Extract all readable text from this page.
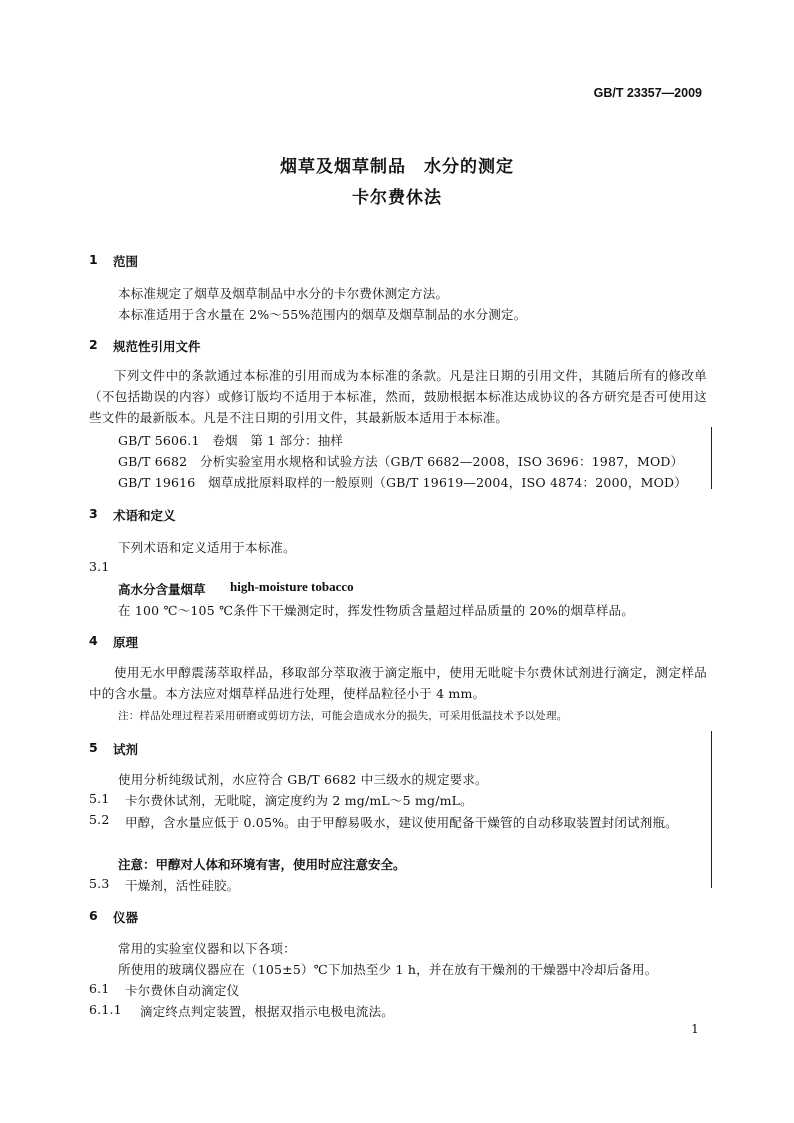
GB/T 23357—2009
烟草及烟草制品　水分的测定
卡尔费休法
1 范围
本标准规定了烟草及烟草制品中水分的卡尔费休测定方法。
本标准适用于含水量在 2%～55%范围内的烟草及烟草制品的水分测定。
2 规范性引用文件
下列文件中的条款通过本标准的引用而成为本标准的条款。凡是注日期的引用文件，其随后所有的修改单（不包括勘误的内容）或修订版均不适用于本标准，然而，鼓励根据本标准达成协议的各方研究是否可使用这些文件的最新版本。凡是不注日期的引用文件，其最新版本适用于本标准。
GB/T 5606.1　卷烟　第 1 部分：抽样
GB/T 6682　分析实验室用水规格和试验方法（GB/T 6682—2008，ISO 3696：1987，MOD）
GB/T 19616　烟草成批原料取样的一般原则（GB/T 19619—2004，ISO 4874：2000，MOD）
3 术语和定义
下列术语和定义适用于本标准。
3.1
高水分含量烟草 high-moisture tobacco
在 100 ℃～105 ℃条件下干燥测定时，挥发性物质含量超过样品质量的 20%的烟草样品。
4 原理
使用无水甲醇震荡萃取样品，移取部分萃取液于滴定瓶中，使用无吡啶卡尔费休试剂进行滴定，测定样品中的含水量。本方法应对烟草样品进行处理，使样品粒径小于 4 mm。
注：样品处理过程若采用研磨或剪切方法，可能会造成水分的损失，可采用低温技术予以处理。
5 试剂
使用分析纯级试剂，水应符合 GB/T 6682 中三级水的规定要求。
5.1 卡尔费休试剂，无吡啶，滴定度约为 2 mg/mL～5 mg/mL。
5.2	甲醇，含水量应低于 0.05%。由于甲醇易吸水，建议使用配备干燥管的自动移取装置封闭试剂瓶。
注意：甲醇对人体和环境有害，使用时应注意安全。
5.3 干燥剂，活性硅胶。
6 仪器
常用的实验室仪器和以下各项：
所使用的玻璃仪器应在（105±5）℃下加热至少 1 h，并在放有干燥剂的干燥器中冷却后备用。
6.1 卡尔费休自动滴定仪
6.1.1 滴定终点判定装置，根据双指示电极电流法。
1
